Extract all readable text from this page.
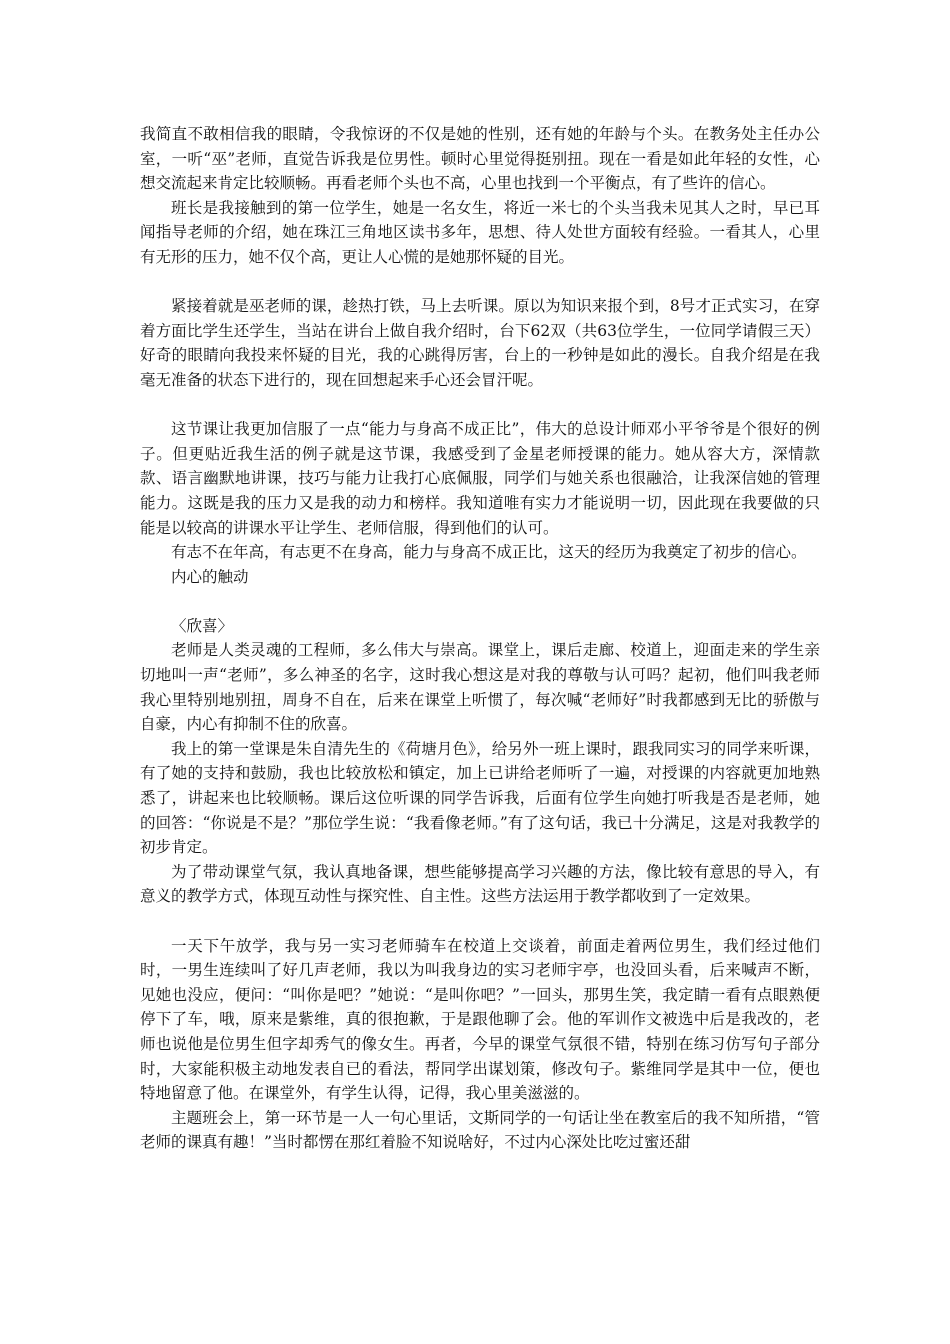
我简直不敢相信我的眼睛，令我惊讶的不仅是她的性别，还有她的年龄与个头。在教务处主任办公室，一听“巫”老师，直觉告诉我是位男性。顿时心里觉得挺别扭。现在一看是如此年轻的女性，心想交流起来肯定比较顺畅。再看老师个头也不高，心里也找到一个平衡点，有了些许的信心。

班长是我接触到的第一位学生，她是一名女生，将近一米七的个头当我未见其人之时，早已耳闻指导老师的介绍，她在珠江三角地区读书多年，思想、待人处世方面较有经验。一看其人，心里有无形的压力，她不仅个高，更让人心慌的是她那怀疑的目光。

紧接着就是巫老师的课，趁热打铁，马上去听课。原以为知识来报个到，8号才正式实习，在穿着方面比学生还学生，当站在讲台上做自我介绍时，台下62双（共63位学生，一位同学请假三天）好奇的眼睛向我投来怀疑的目光，我的心跳得厉害，台上的一秒钟是如此的漫长。自我介绍是在我毫无准备的状态下进行的，现在回想起来手心还会冒汗呢。

这节课让我更加信服了一点“能力与身高不成正比”，伟大的总设计师邓小平爷爷是个很好的例子。但更贴近我生活的例子就是这节课，我感受到了金星老师授课的能力。她从容大方，深情款款、语言幽默地讲课，技巧与能力让我打心底佩服，同学们与她关系也很融洽，让我深信她的管理能力。这既是我的压力又是我的动力和榜样。我知道唯有实力才能说明一切，因此现在我要做的只能是以较高的讲课水平让学生、老师信服，得到他们的认可。

有志不在年高，有志更不在身高，能力与身高不成正比，这天的经历为我奠定了初步的信心。

内心的触动

〈欣喜〉

老师是人类灵魂的工程师，多么伟大与崇高。课堂上，课后走廊、校道上，迎面走来的学生亲切地叫一声“老师”，多么神圣的名字，这时我心想这是对我的尊敬与认可吗？起初，他们叫我老师我心里特别地别扭，周身不自在，后来在课堂上听惯了，每次喊“老师好”时我都感到无比的骄傲与自豪，内心有抑制不住的欣喜。

我上的第一堂课是朱自清先生的《荷塘月色》，给另外一班上课时，跟我同实习的同学来听课，有了她的支持和鼓励，我也比较放松和镇定，加上已讲给老师听了一遍，对授课的内容就更加地熟悉了，讲起来也比较顺畅。课后这位听课的同学告诉我，后面有位学生向她打听我是否是老师，她的回答：“你说是不是？”那位学生说：“我看像老师。”有了这句话，我已十分满足，这是对我教学的初步肯定。

为了带动课堂气氛，我认真地备课，想些能够提高学习兴趣的方法，像比较有意思的导入，有意义的教学方式，体现互动性与探究性、自主性。这些方法运用于教学都收到了一定效果。

一天下午放学，我与另一实习老师骑车在校道上交谈着，前面走着两位男生，我们经过他们时，一男生连续叫了好几声老师，我以为叫我身边的实习老师宇亭，也没回头看，后来喊声不断，见她也没应，便问：“叫你是吧？”她说：“是叫你吧？”一回头，那男生笑，我定睛一看有点眼熟便停下了车，哦，原来是紫维，真的很抱歉，于是跟他聊了会。他的军训作文被选中后是我改的，老师也说他是位男生但字却秀气的像女生。再者，今早的课堂气氛很不错，特别在练习仿写句子部分时，大家能积极主动地发表自已的看法，帮同学出谋划策，修改句子。紫维同学是其中一位，便也特地留意了他。在课堂外，有学生认得，记得，我心里美滋滋的。

主题班会上，第一环节是一人一句心里话，文斯同学的一句话让坐在教室后的我不知所措，“管老师的课真有趣！”当时都愣在那红着脸不知说啥好，不过内心深处比吃过蜜还甜
